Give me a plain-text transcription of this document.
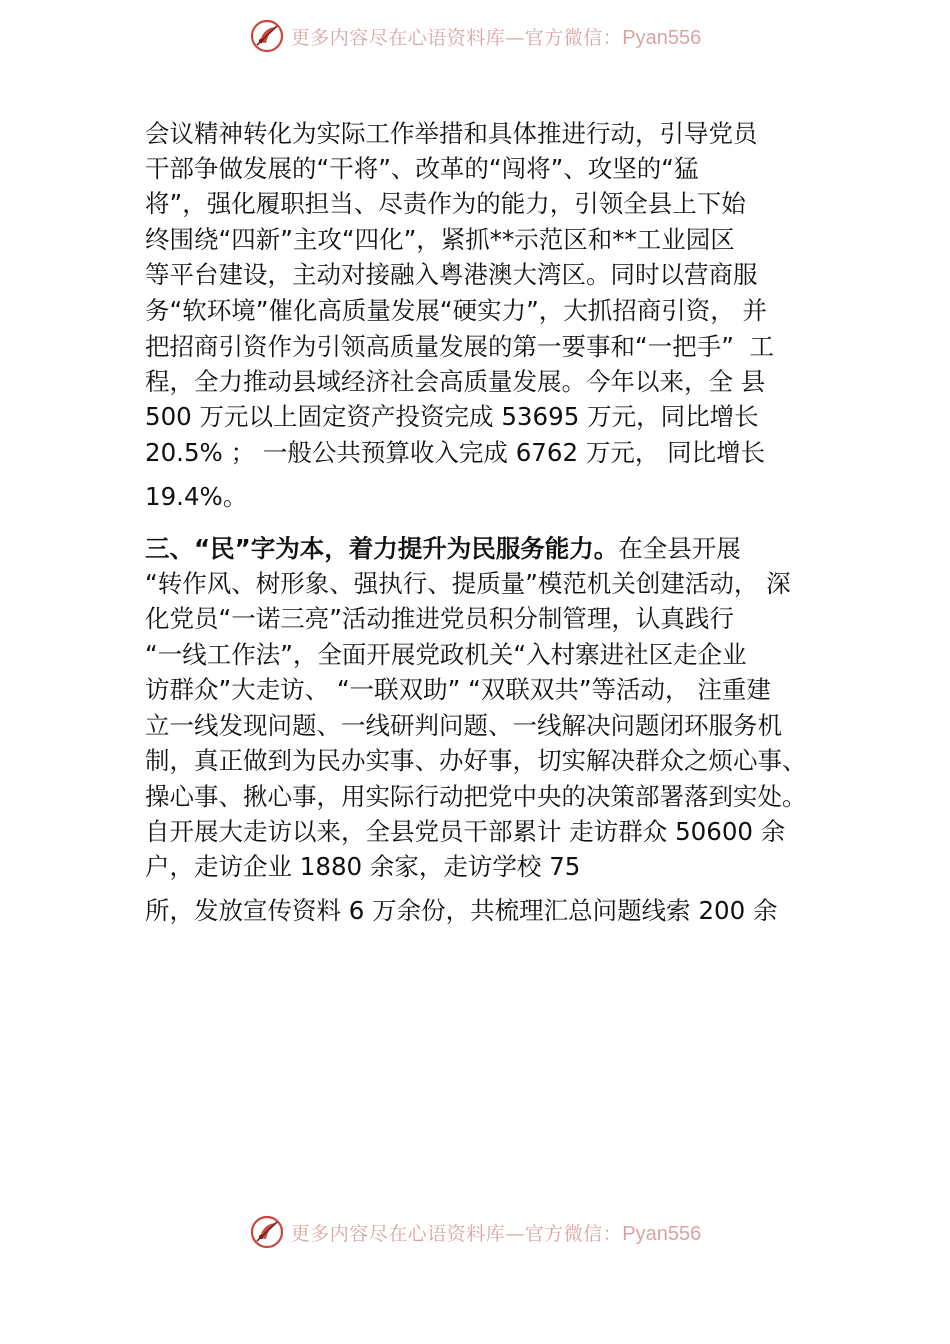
更多内容尽在心语资料库—官方微信：Pyan556
会议精神转化为实际工作举措和具体推进行动，引导党员
干部争做发展的“干将”、改革的“闯将”、攻坚的“猛
将”，强化履职担当、尽责作为的能力，引领全县上下始
终围绕“四新”主攻“四化”，紧抓**示范区和**工业园区
等平台建设，主动对接融入粤港澳大湾区。同时以营商服
务“软环境”催化高质量发展“硬实力”，大抓招商引资， 并
把招商引资作为引领高质量发展的第一要事和“一把手”  工
程，全力推动县域经济社会高质量发展。今年以来，全 县
500 万元以上固定资产投资完成 53695 万元，同比增长
20.5% ； 一般公共预算收入完成 6762 万元， 同比增长
19.4%。
三、“民”字为本，着力提升为民服务能力。在全县开展
“转作风、树形象、强执行、提质量”模范机关创建活动， 深
化党员“一诺三亮”活动推进党员积分制管理，认真践行
“一线工作法”，全面开展党政机关“入村寨进社区走企业
访群众”大走访、 “一联双助” “双联双共”等活动， 注重建
立一线发现问题、一线研判问题、一线解决问题闭环服务机
制，真正做到为民办实事、办好事，切实解决群众之烦心事、
操心事、揪心事，用实际行动把党中央的决策部署落到实处。
自开展大走访以来，全县党员干部累计 走访群众 50600 余
户，走访企业 1880 余家，走访学校 75
所，发放宣传资料 6 万余份，共梳理汇总问题线索 200 余
更多内容尽在心语资料库—官方微信：Pyan556
